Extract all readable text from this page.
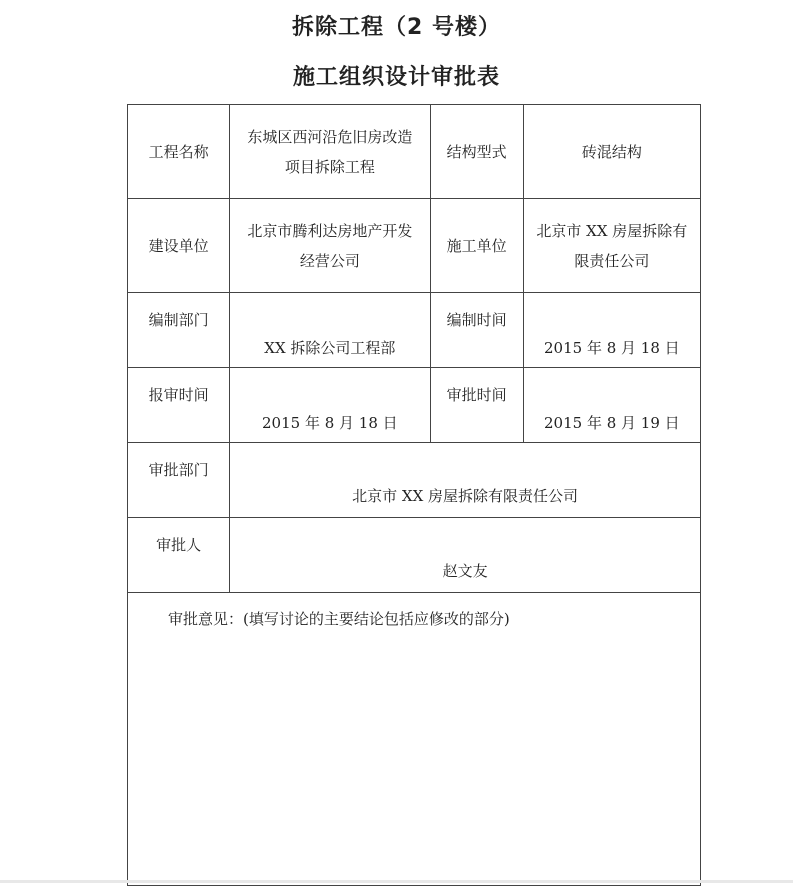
拆除工程（2 号楼）
施工组织设计审批表
工程名称	东城区西河沿危旧房改造项目拆除工程	结构型式	砖混结构
建设单位	北京市腾利达房地产开发经营公司	施工单位	北京市 XX 房屋拆除有限责任公司
编制部门	XX 拆除公司工程部	编制时间	2015 年 8 月 18 日
报审时间	2015 年 8 月 18 日	审批时间	2015 年 8 月 19 日
审批部门	北京市 XX 房屋拆除有限责任公司		
审批人	赵文友		
审批意见：(填写讨论的主要结论包括应修改的部分)			
